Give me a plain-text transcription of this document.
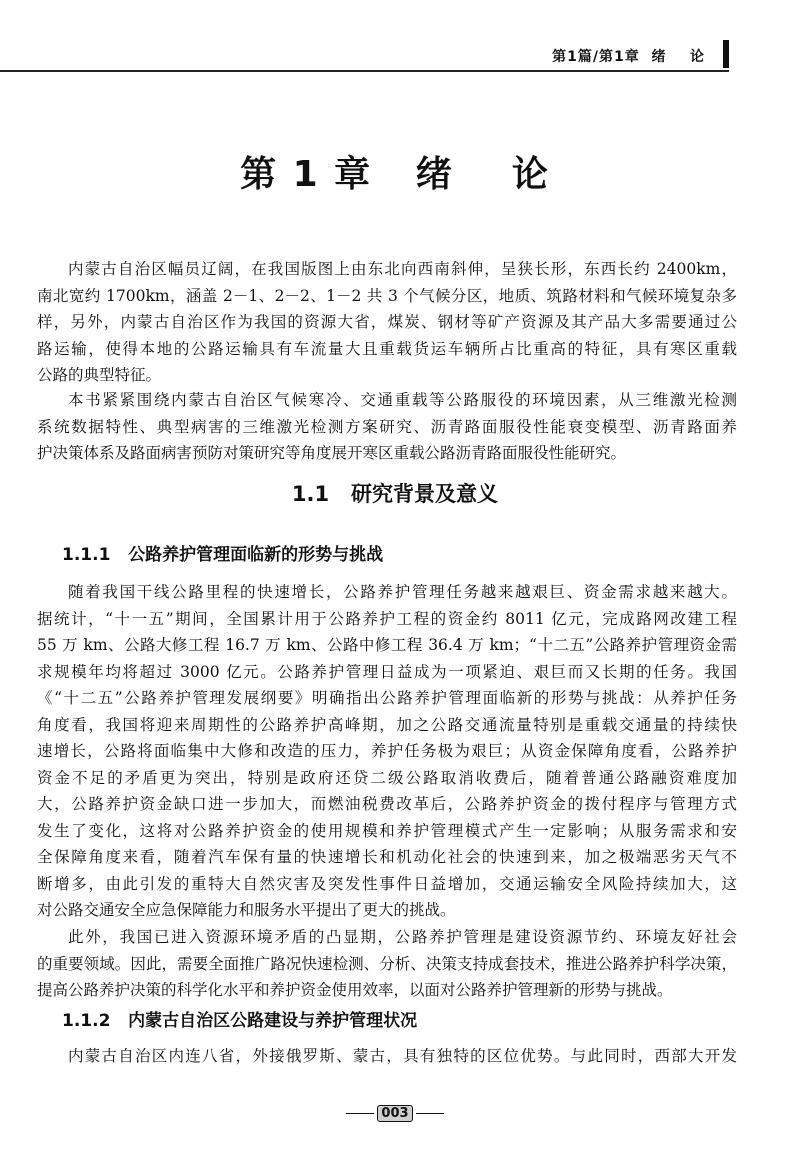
第1篇/第1章  绪    论
第 1 章   绪    论
内蒙古自治区幅员辽阔，在我国版图上由东北向西南斜伸，呈狭长形，东西长约 2400km，
南北宽约 1700km，涵盖 2－1、2－2、1－2 共 3 个气候分区，地质、筑路材料和气候环境复杂多
样，另外，内蒙古自治区作为我国的资源大省，煤炭、钢材等矿产资源及其产品大多需要通过公
路运输，使得本地的公路运输具有车流量大且重载货运车辆所占比重高的特征，具有寒区重载
公路的典型特征。
本书紧紧围绕内蒙古自治区气候寒冷、交通重载等公路服役的环境因素，从三维激光检测
系统数据特性、典型病害的三维激光检测方案研究、沥青路面服役性能衰变模型、沥青路面养
护决策体系及路面病害预防对策研究等角度展开寒区重载公路沥青路面服役性能研究。
1.1   研究背景及意义
1.1.1   公路养护管理面临新的形势与挑战
随着我国干线公路里程的快速增长，公路养护管理任务越来越艰巨、资金需求越来越大。
据统计，“十一五”期间，全国累计用于公路养护工程的资金约 8011 亿元，完成路网改建工程
55 万 km、公路大修工程 16.7 万 km、公路中修工程 36.4 万 km；“十二五”公路养护管理资金需
求规模年均将超过 3000 亿元。公路养护管理日益成为一项紧迫、艰巨而又长期的任务。我国
《“十二五”公路养护管理发展纲要》明确指出公路养护管理面临新的形势与挑战：从养护任务
角度看，我国将迎来周期性的公路养护高峰期，加之公路交通流量特别是重载交通量的持续快
速增长，公路将面临集中大修和改造的压力，养护任务极为艰巨；从资金保障角度看，公路养护
资金不足的矛盾更为突出，特别是政府还贷二级公路取消收费后，随着普通公路融资难度加
大，公路养护资金缺口进一步加大，而燃油税费改革后，公路养护资金的拨付程序与管理方式
发生了变化，这将对公路养护资金的使用规模和养护管理模式产生一定影响；从服务需求和安
全保障角度来看，随着汽车保有量的快速增长和机动化社会的快速到来，加之极端恶劣天气不
断增多，由此引发的重特大自然灾害及突发性事件日益增加，交通运输安全风险持续加大，这
对公路交通安全应急保障能力和服务水平提出了更大的挑战。
此外，我国已进入资源环境矛盾的凸显期，公路养护管理是建设资源节约、环境友好社会
的重要领域。因此，需要全面推广路况快速检测、分析、决策支持成套技术，推进公路养护科学决策，
提高公路养护决策的科学化水平和养护资金使用效率，以面对公路养护管理新的形势与挑战。
1.1.2   内蒙古自治区公路建设与养护管理状况
内蒙古自治区内连八省，外接俄罗斯、蒙古，具有独特的区位优势。与此同时，西部大开发
003
